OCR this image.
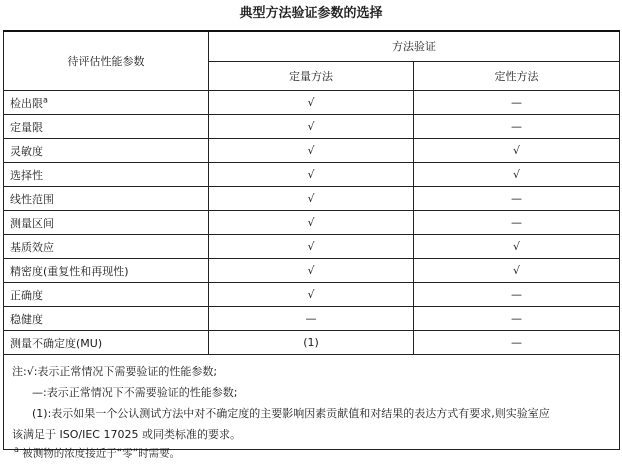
典型方法验证参数的选择
待评估性能参数	方法验证	
	定量方法	定性方法
检出限$^a$	√	—
定量限	√	—
灵敏度	√	√
选择性	√	√
线性范围	√	—
测量区间	√	—
基质效应	√	√
精密度(重复性和再现性)	√	√
正确度	√	—
稳健度	—	—
测量不确定度(MU)	(1)	—

注:√:表示正常情况下需要验证的性能参数;
—:表示正常情况下不需要验证的性能参数;
(1):表示如果一个公认测试方法中对不确定度的主要影响因素贡献值和对结果的表达方式有要求,则实验室应
该满足于 ISO/IEC 17025 或同类标准的要求。		
$^a$ 被测物的浓度接近于“零”时需要。
